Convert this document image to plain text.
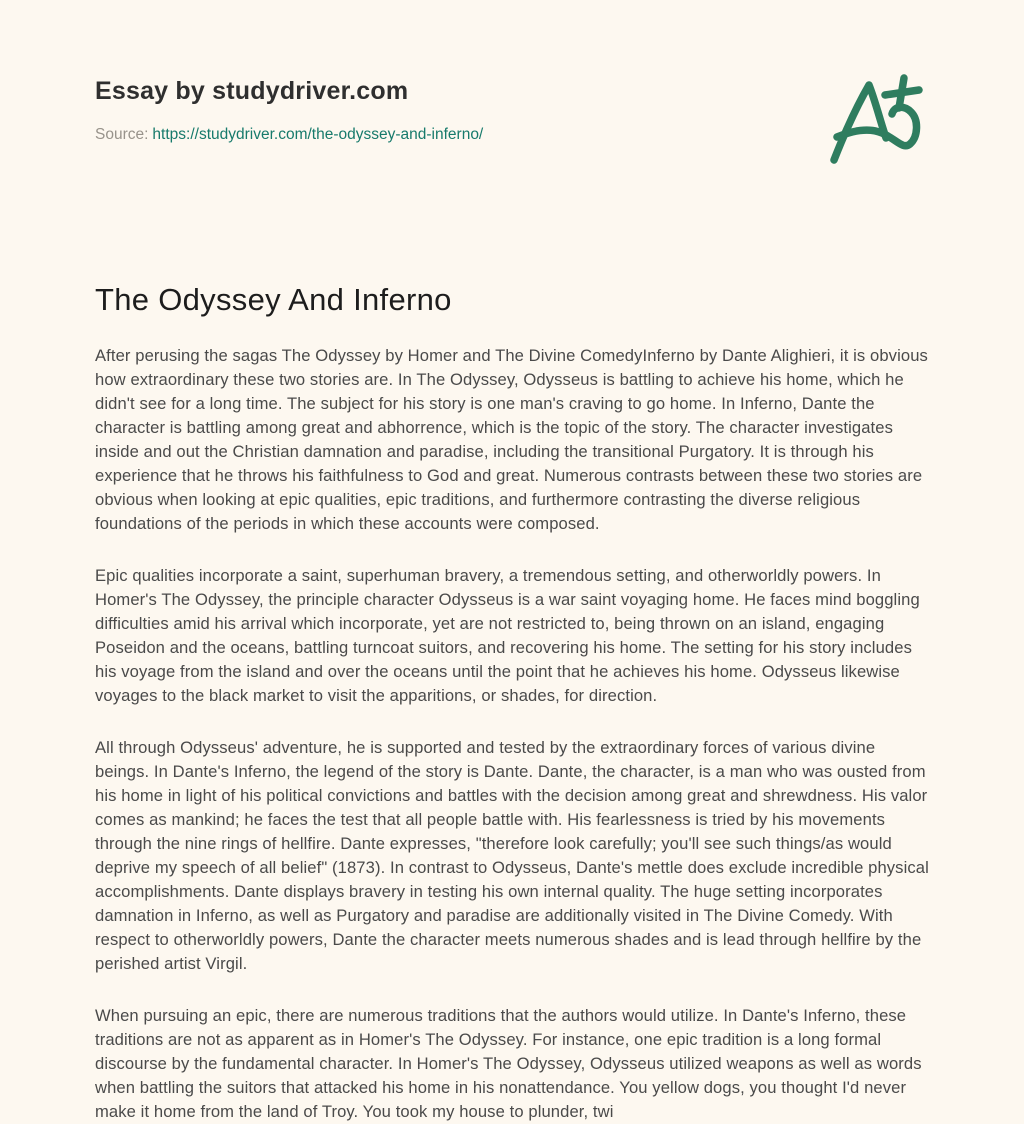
Essay by studydriver.com
Source: https://studydriver.com/the-odyssey-and-inferno/
The Odyssey And Inferno

After perusing the sagas The Odyssey by Homer and The Divine ComedyInferno by Dante Alighieri, it is obvious how extraordinary these two stories are. In The Odyssey, Odysseus is battling to achieve his home, which he didn't see for a long time. The subject for his story is one man's craving to go home. In Inferno, Dante the character is battling among great and abhorrence, which is the topic of the story. The character investigates inside and out the Christian damnation and paradise, including the transitional Purgatory. It is through his experience that he throws his faithfulness to God and great. Numerous contrasts between these two stories are obvious when looking at epic qualities, epic traditions, and furthermore contrasting the diverse religious foundations of the periods in which these accounts were composed.

Epic qualities incorporate a saint, superhuman bravery, a tremendous setting, and otherworldly powers. In Homer's The Odyssey, the principle character Odysseus is a war saint voyaging home. He faces mind boggling difficulties amid his arrival which incorporate, yet are not restricted to, being thrown on an island, engaging Poseidon and the oceans, battling turncoat suitors, and recovering his home. The setting for his story includes his voyage from the island and over the oceans until the point that he achieves his home. Odysseus likewise voyages to the black market to visit the apparitions, or shades, for direction.

All through Odysseus' adventure, he is supported and tested by the extraordinary forces of various divine beings. In Dante's Inferno, the legend of the story is Dante. Dante, the character, is a man who was ousted from his home in light of his political convictions and battles with the decision among great and shrewdness. His valor comes as mankind; he faces the test that all people battle with. His fearlessness is tried by his movements through the nine rings of hellfire. Dante expresses, "therefore look carefully; you'll see such things/as would deprive my speech of all belief" (1873). In contrast to Odysseus, Dante's mettle does exclude incredible physical accomplishments. Dante displays bravery in testing his own internal quality. The huge setting incorporates damnation in Inferno, as well as Purgatory and paradise are additionally visited in The Divine Comedy. With respect to otherworldly powers, Dante the character meets numerous shades and is lead through hellfire by the perished artist Virgil.

When pursuing an epic, there are numerous traditions that the authors would utilize. In Dante's Inferno, these traditions are not as apparent as in Homer's The Odyssey. For instance, one epic tradition is a long formal discourse by the fundamental character. In Homer's The Odyssey, Odysseus utilized weapons as well as words when battling the suitors that attacked his home in his nonattendance. You yellow dogs, you thought I'd never make it home from the land of Troy. You took my house to plunder, twi
